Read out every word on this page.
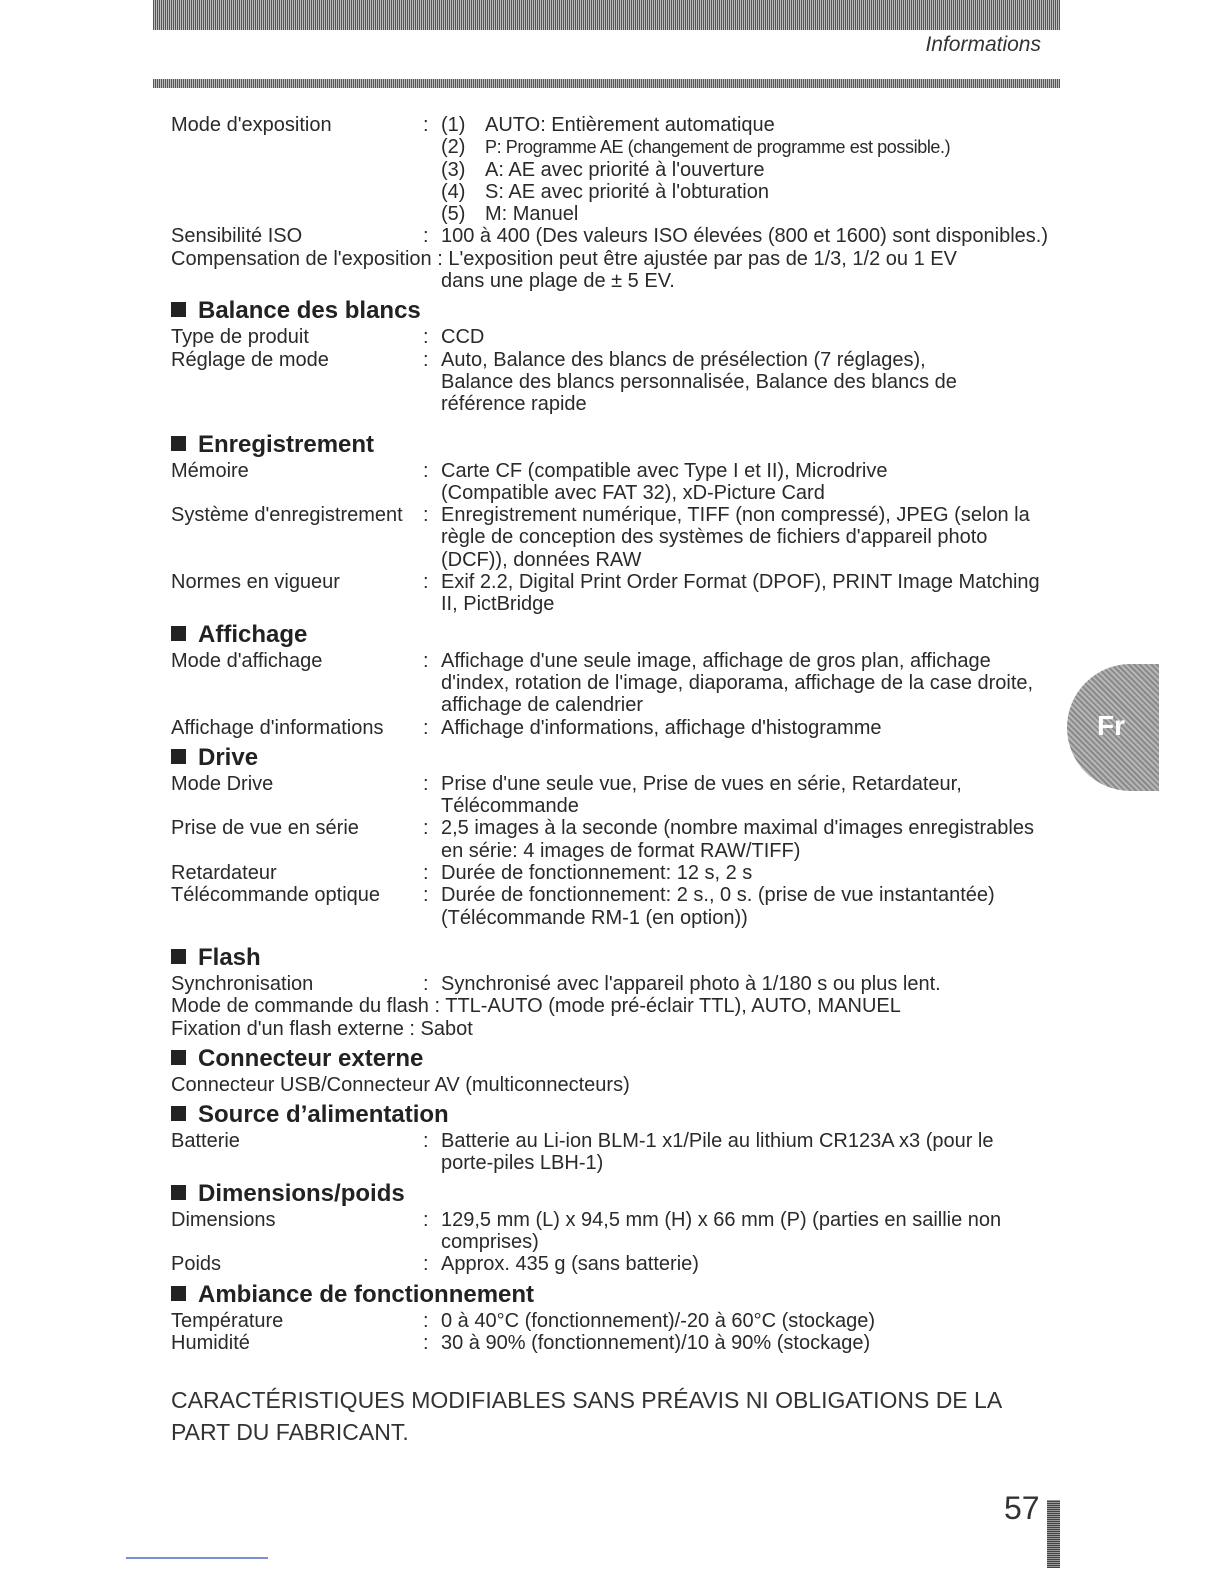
Informations
Mode d'exposition	: (1) AUTO: Entièrement automatique
(2)	P: Programme AE (changement de programme est possible.)
(3) A: AE avec priorité à l'ouverture
(4) S: AE avec priorité à l'obturation
(5) M: Manuel
Sensibilité ISO	: 100 à 400 (Des valeurs ISO élevées (800 et 1600) sont disponibles.)
Compensation de l'exposition : L'exposition peut être ajustée par pas de 1/3, 1/2 ou 1 EV
dans une plage de ± 5 EV.
Balance des blancs
Type de produit	: CCD
Réglage de mode	: Auto, Balance des blancs de présélection (7 réglages), Balance des blancs personnalisée, Balance des blancs de référence rapide
Enregistrement
Mémoire	: Carte CF (compatible avec Type I et II), Microdrive (Compatible avec FAT 32), xD-Picture Card
Système d'enregistrement	: Enregistrement numérique, TIFF (non compressé), JPEG (selon la règle de conception des systèmes de fichiers d'appareil photo (DCF)), données RAW
Normes en vigueur	: Exif 2.2, Digital Print Order Format (DPOF), PRINT Image Matching II, PictBridge
Affichage
Mode d'affichage	: Affichage d'une seule image, affichage de gros plan, affichage d'index, rotation de l'image, diaporama, affichage de la case droite, affichage de calendrier
Affichage d'informations	: Affichage d'informations, affichage d'histogramme
Drive
Mode Drive	: Prise d'une seule vue, Prise de vues en série, Retardateur, Télécommande
Prise de vue en série	: 2,5 images à la seconde (nombre maximal d'images enregistrables en série: 4 images de format RAW/TIFF)
Retardateur	: Durée de fonctionnement: 12 s, 2 s
Télécommande optique	: Durée de fonctionnement: 2 s., 0 s. (prise de vue instantantée) (Télécommande RM-1 (en option))
Flash
Synchronisation	: Synchronisé avec l'appareil photo à 1/180 s ou plus lent.
Mode de commande du flash : TTL-AUTO (mode pré-éclair TTL), AUTO, MANUEL
Fixation d'un flash externe : Sabot
Connecteur externe
Connecteur USB/Connecteur AV (multiconnecteurs)
Source d’alimentation
Batterie	: Batterie au Li-ion BLM-1 x1/Pile au lithium CR123A x3 (pour le porte-piles LBH-1)
Dimensions/poids
Dimensions	: 129,5 mm (L) x 94,5 mm (H) x 66 mm (P) (parties en saillie non comprises)
Poids	: Approx. 435 g (sans batterie)
Ambiance de fonctionnement
Température	: 0 à 40°C (fonctionnement)/-20 à 60°C (stockage)
Humidité	: 30 à 90% (fonctionnement)/10 à 90% (stockage)
CARACTÉRISTIQUES MODIFIABLES SANS PRÉAVIS NI OBLIGATIONS DE LA PART DU FABRICANT.
Fr
57
